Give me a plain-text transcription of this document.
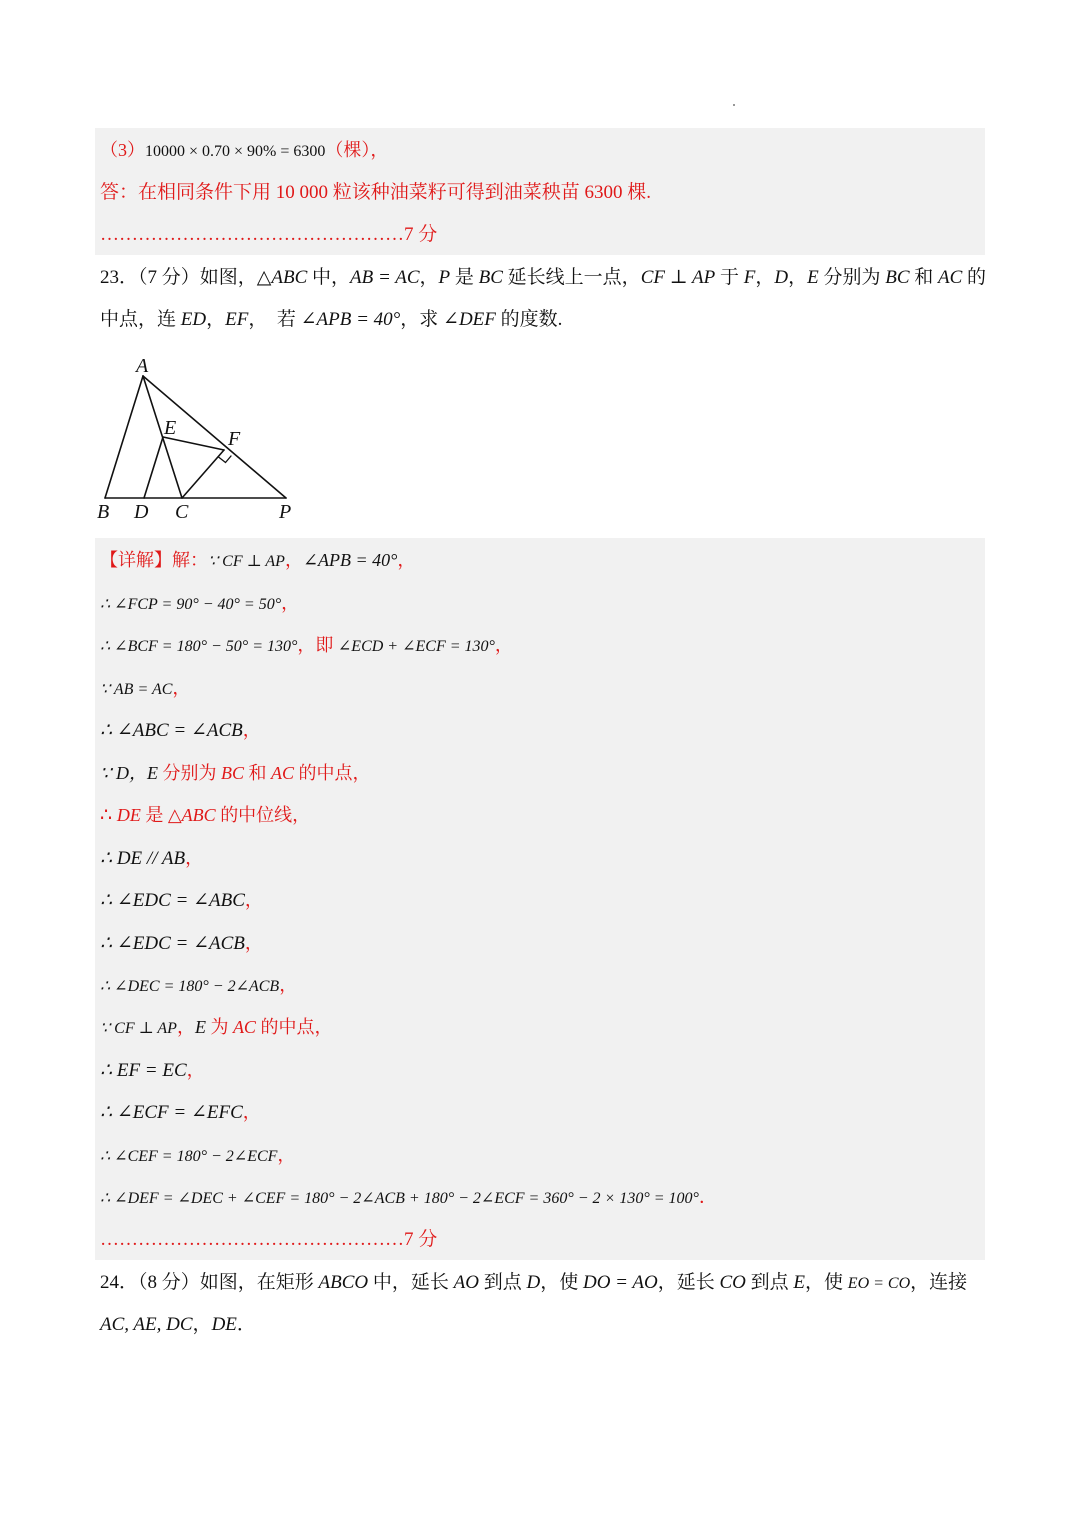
（3）10000 × 0.70 × 90% = 6300（棵），
答：在相同条件下用 10 000 粒该种油菜籽可得到油菜秧苗 6300 棵.
…………………………………………7 分
23．（7 分）如图，△ABC 中，AB = AC，P 是 BC 延长线上一点，CF ⊥ AP 于 F，D，E 分别为 BC 和 AC 的
中点，连 ED，EF，　若 ∠APB = 40°，求 ∠DEF 的度数.
A
E	F
B D C	P
【详解】解：∵ CF ⊥ AP，∠APB = 40°，
∴ ∠FCP = 90° − 40° = 50°，
∴ ∠BCF = 180° − 50° = 130°，即 ∠ECD + ∠ECF = 130°，
∵ AB = AC，
∴ ∠ABC = ∠ACB，
∵ D，E 分别为 BC 和 AC 的中点，
∴ DE 是 △ABC 的中位线，
∴ DE // AB，
∴ ∠EDC = ∠ABC，
∴ ∠EDC = ∠ACB，
∴ ∠DEC = 180° − 2∠ACB，
∵ CF ⊥ AP，E 为 AC 的中点，
∴ EF = EC，
∴ ∠ECF = ∠EFC，
∴ ∠CEF = 180° − 2∠ECF，
∴ ∠DEF = ∠DEC + ∠CEF = 180° − 2∠ACB + 180° − 2∠ECF = 360° − 2 × 130° = 100°．
…………………………………………7 分
24．（8 分）如图，在矩形 ABCO 中，延长 AO 到点 D，使 DO = AO，延长 CO 到点 E，使 EO = CO，连接
AC, AE, DC，DE．
